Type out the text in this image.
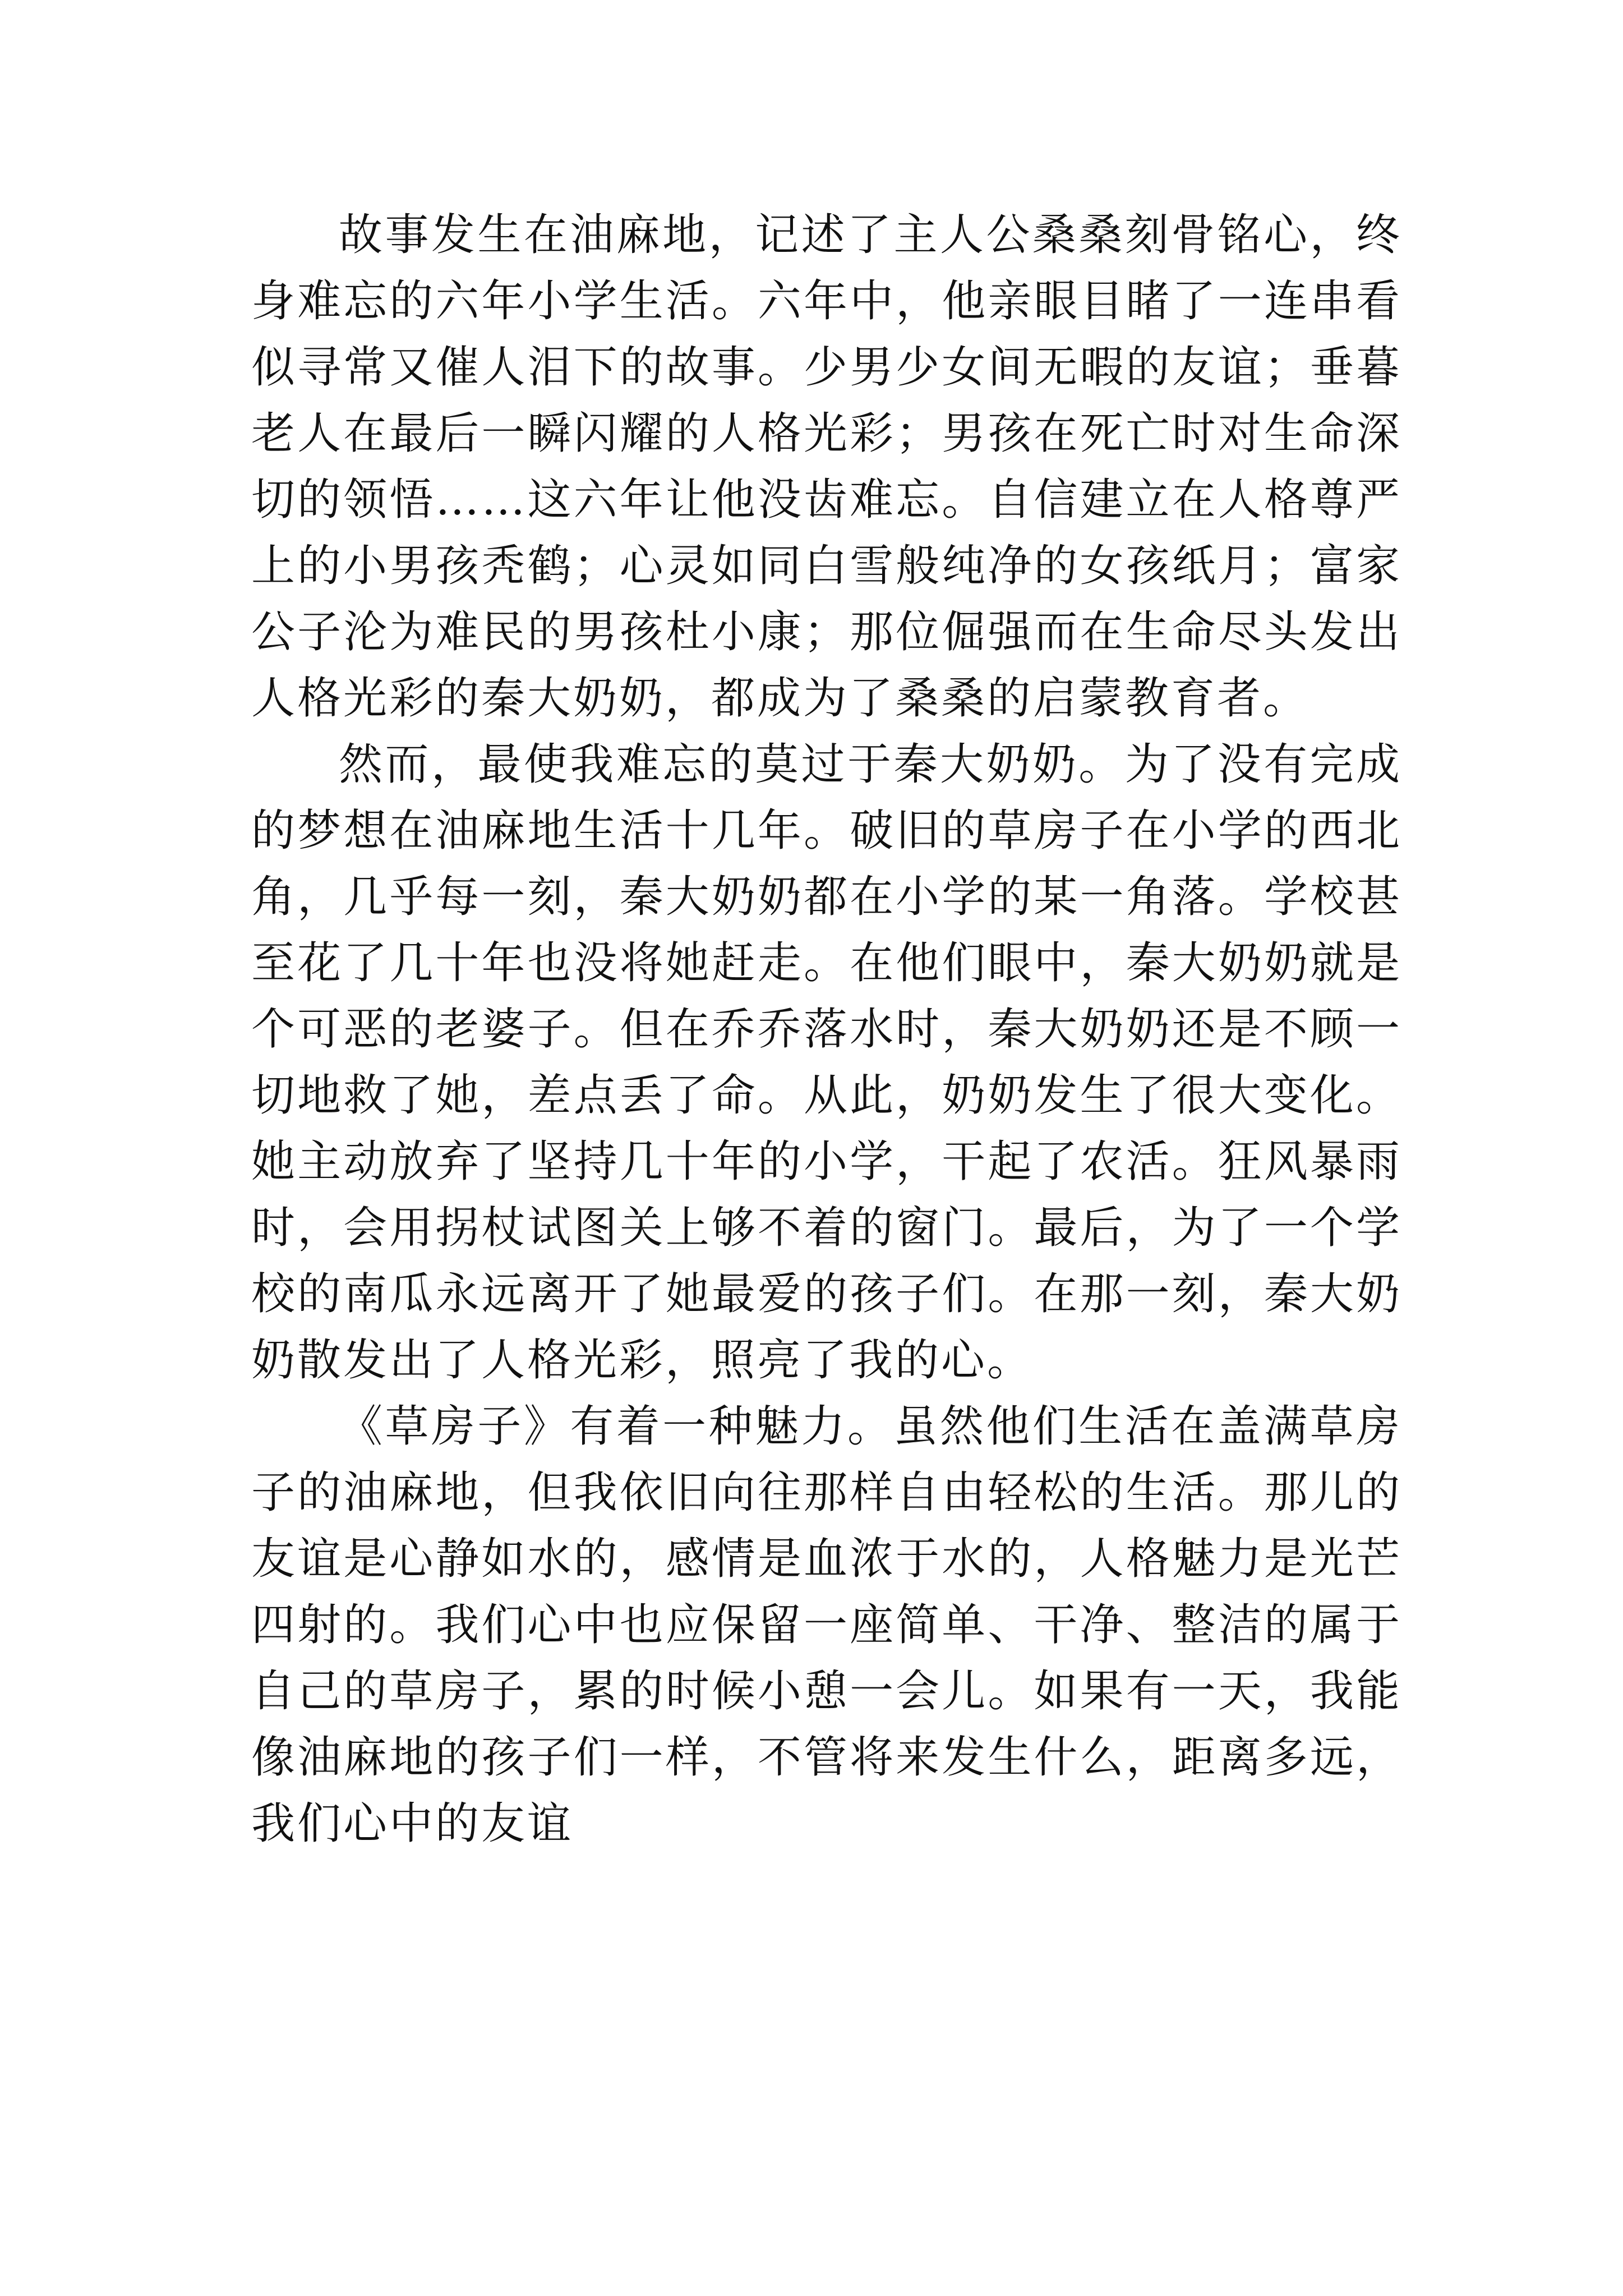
故事发生在油麻地，记述了主人公桑桑刻骨铭心，终身难忘的六年小学生活。六年中，他亲眼目睹了一连串看似寻常又催人泪下的故事。少男少女间无暇的友谊；垂暮老人在最后一瞬闪耀的人格光彩；男孩在死亡时对生命深切的领悟……这六年让他没齿难忘。自信建立在人格尊严上的小男孩秃鹤；心灵如同白雪般纯净的女孩纸月；富家公子沦为难民的男孩杜小康；那位倔强而在生命尽头发出人格光彩的秦大奶奶，都成为了桑桑的启蒙教育者。

然而，最使我难忘的莫过于秦大奶奶。为了没有完成的梦想在油麻地生活十几年。破旧的草房子在小学的西北角，几乎每一刻，秦大奶奶都在小学的某一角落。学校甚至花了几十年也没将她赶走。在他们眼中，秦大奶奶就是个可恶的老婆子。但在乔乔落水时，秦大奶奶还是不顾一切地救了她，差点丢了命。从此，奶奶发生了很大变化。她主动放弃了坚持几十年的小学，干起了农活。狂风暴雨时，会用拐杖试图关上够不着的窗门。最后，为了一个学校的南瓜永远离开了她最爱的孩子们。在那一刻，秦大奶奶散发出了人格光彩，照亮了我的心。

《草房子》有着一种魅力。虽然他们生活在盖满草房子的油麻地，但我依旧向往那样自由轻松的生活。那儿的友谊是心静如水的，感情是血浓于水的，人格魅力是光芒四射的。我们心中也应保留一座简单、干净、整洁的属于自己的草房子，累的时候小憩一会儿。如果有一天，我能像油麻地的孩子们一样，不管将来发生什么，距离多远，我们心中的友谊
